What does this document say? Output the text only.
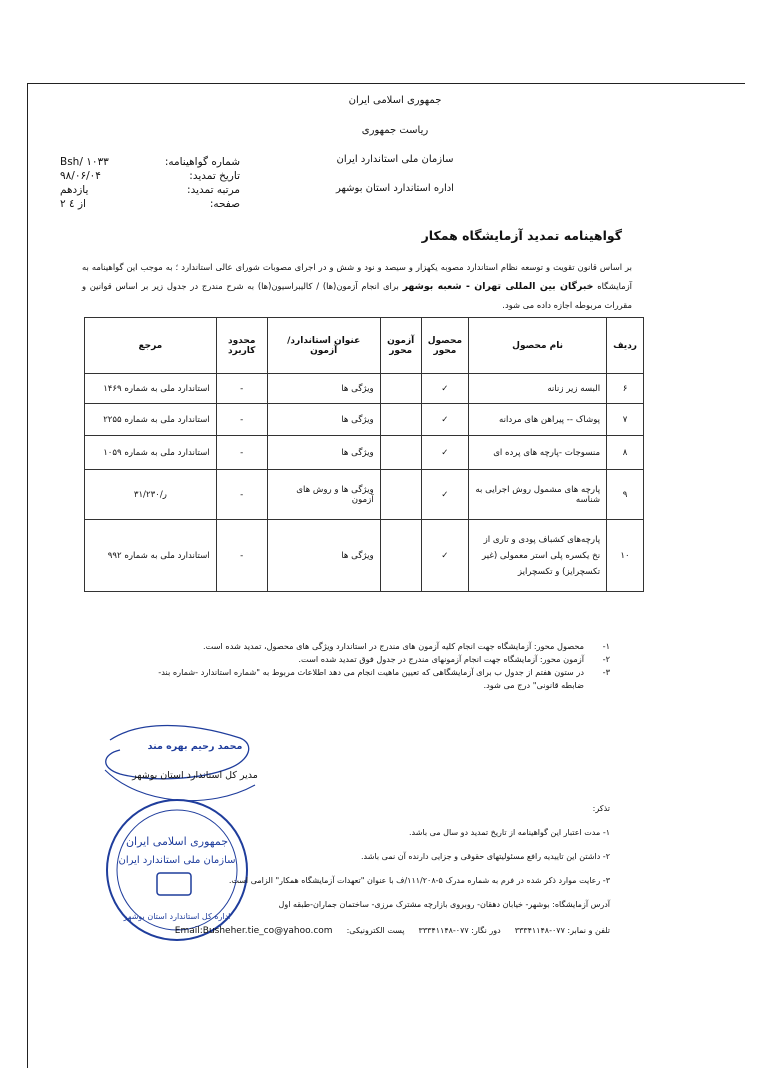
جمهوری اسلامی ایران
ریاست جمهوری
سازمان ملی استاندارد ایران
اداره استاندارد استان بوشهر
شماره گواهینامه:
Bsh/ ۱۰۳۳
تاریخ تمدید:
۹۸/۰۶/۰۴
مرتبه تمدید:
یازدهم
صفحه:
۲ از ٤
گواهینامه تمدید آزمایشگاه همکار
بر اساس قانون تقویت و توسعه نظام استاندارد مصوبه یکهزار و سیصد و نود و شش و در اجرای مصوبات شورای عالی استاندارد ؛ به موجب این گواهینامه به آزمایشگاه خبرگان بین المللی تهران - شعبه بوشهر برای انجام آزمون(ها) / کالیبراسیون(ها) به شرح مندرج در جدول زیر بر اساس قوانین و مقررات مربوطه اجازه داده می شود.
ردیف	نام محصول	محصول محور	آزمون محور	عنوان استاندارد/ آزمون	محدود کاربرد	مرجع
۶	البسه زیر زنانه	✓		ویژگی ها	-	استاندارد ملی به شماره ۱۴۶۹
۷	پوشاک -- پیراهن های مردانه	✓		ویژگی ها	-	استاندارد ملی به شماره ۲۲۵۵
۸	منسوجات -پارچه های پرده ای	✓		ویژگی ها	-	استاندارد ملی به شماره ۱۰۵۹
۹	پارچه های مشمول روش اجرایی به شناسه	✓		ویژگی ها و روش های آزمون	-	ر/۳۱/۲۳۰
۱۰	پارچه‌های کشباف پودی و تاری از نخ یکسره پلی استر معمولی (غیر تکسچرایز) و تکسچرایز	✓		ویژگی ها	-	استاندارد ملی به شماره ۹۹۲
۱-
محصول محور: آزمایشگاه جهت انجام کلیه آزمون های مندرج در استاندارد ویژگی های محصول، تمدید شده است.
۲-
آزمون محور: آزمایشگاه جهت انجام آزمونهای مندرج در جدول فوق تمدید شده است.
۳-
در ستون هفتم از جدول ب برای آزمایشگاهی که تعیین ماهیت انجام می دهد اطلاعات مربوط به "شماره استاندارد -شماره بند-ضابطه قانونی" درج می شود.
محمد رحیم بهره مند
مدیر کل استاندارد استان بوشهر
جمهوری اسلامی ایران
سازمان ملی استاندارد ایران
اداره کل استاندارد استان بوشهر
تذکر:
۱- مدت اعتبار این گواهینامه از تاریخ تمدید دو سال می باشد.
۲- داشتن این تاییدیه رافع مسئولیتهای حقوقی و جزایی دارنده آن نمی باشد.
۳- رعایت موارد ذکر شده در فرم به شماره مدرک ۵-۱۱۱/۲۰۸/ف با عنوان "تعهدات آزمایشگاه همکار" الزامی است.
آدرس آزمایشگاه: بوشهر- خیابان دهقان- روبروی بازارچه مشترک مرزی- ساختمان جماران-طبقه اول
تلفن و نمابر: ۰۷۷-۳۳۳۴۱۱۴۸
دور نگار: ۰۷۷-۳۳۳۴۱۱۴۸
پست الکترونیکی:
Email:Busheher.tie_co@yahoo.com
